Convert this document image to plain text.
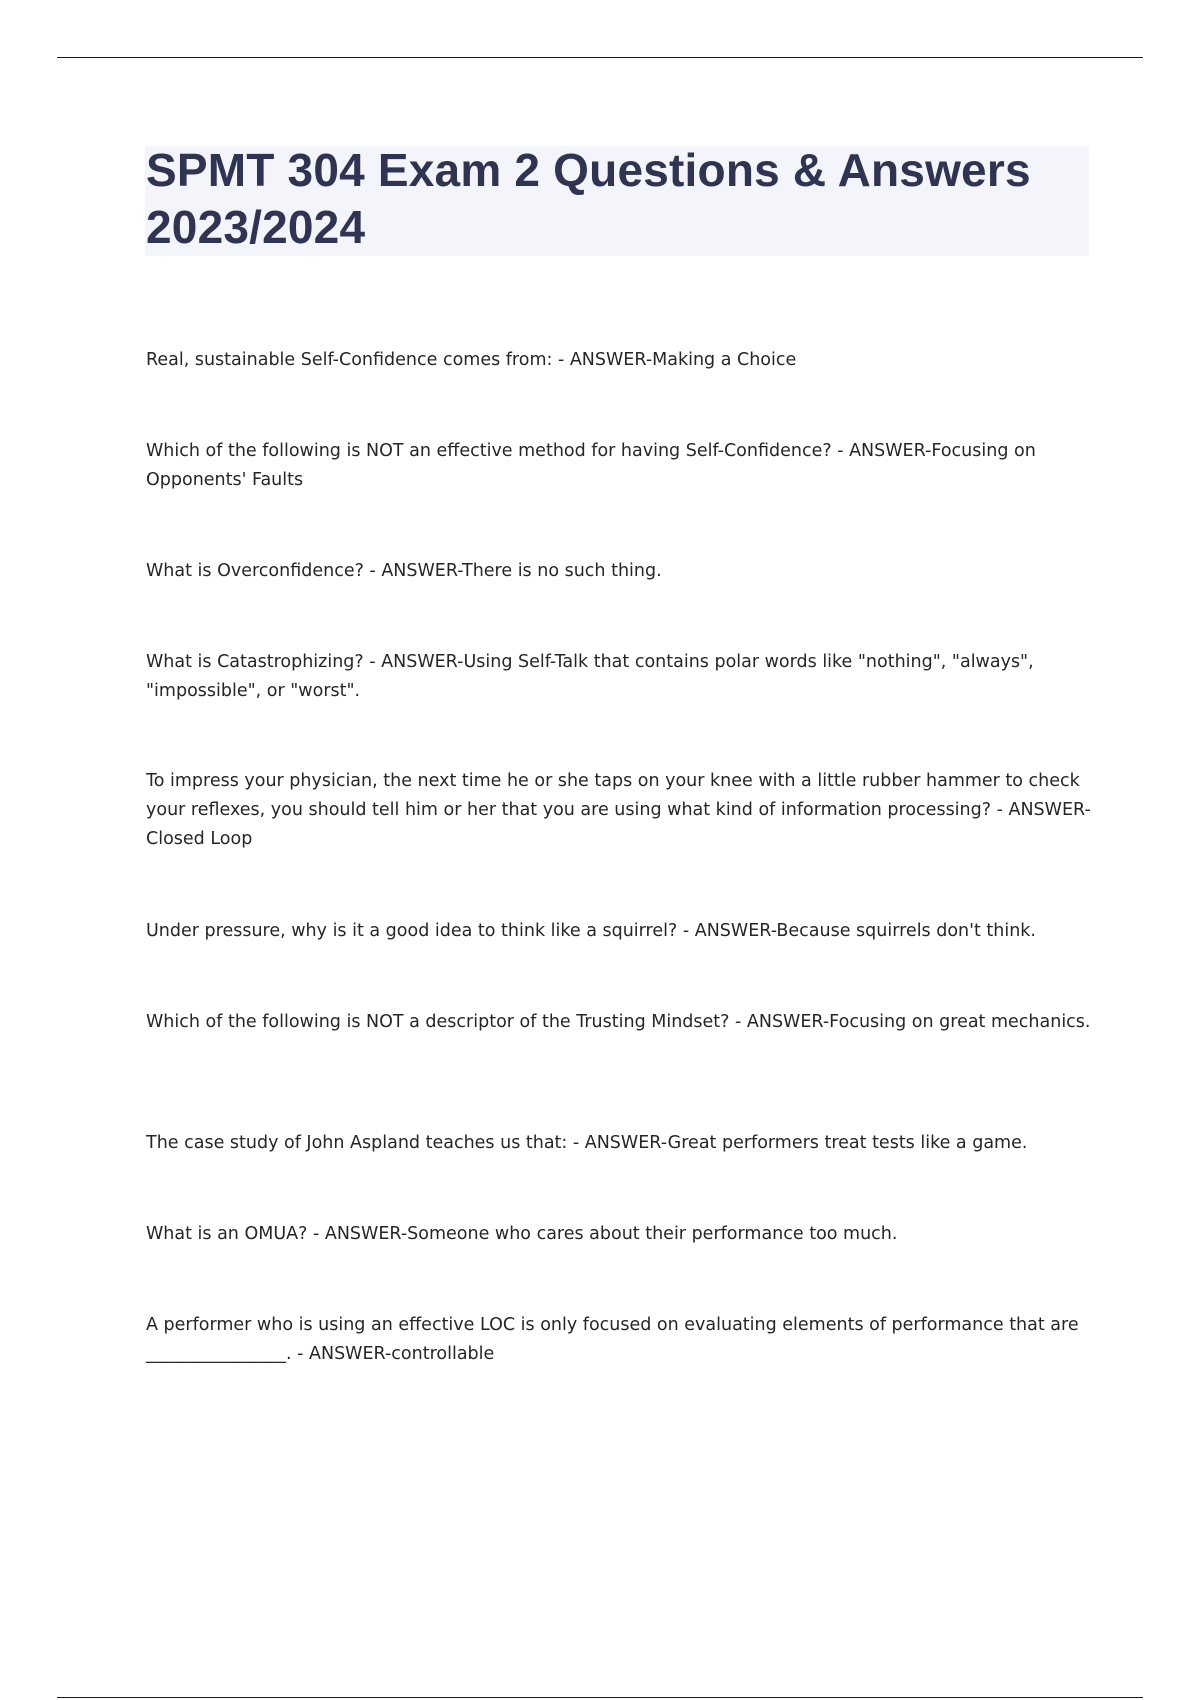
SPMT 304 Exam 2 Questions & Answers 2023/2024

Real, sustainable Self-Confidence comes from: - ANSWER-Making a Choice

Which of the following is NOT an effective method for having Self-Confidence? - ANSWER-Focusing on Opponents' Faults

What is Overconfidence? - ANSWER-There is no such thing.

What is Catastrophizing? - ANSWER-Using Self-Talk that contains polar words like "nothing", "always", "impossible", or "worst".

To impress your physician, the next time he or she taps on your knee with a little rubber hammer to check your reflexes, you should tell him or her that you are using what kind of information processing? - ANSWER-Closed Loop

Under pressure, why is it a good idea to think like a squirrel? - ANSWER-Because squirrels don't think.

Which of the following is NOT a descriptor of the Trusting Mindset? - ANSWER-Focusing on great mechanics.

The case study of John Aspland teaches us that: - ANSWER-Great performers treat tests like a game.

What is an OMUA? - ANSWER-Someone who cares about their performance too much.

A performer who is using an effective LOC is only focused on evaluating elements of performance that are ________________. - ANSWER-controllable
